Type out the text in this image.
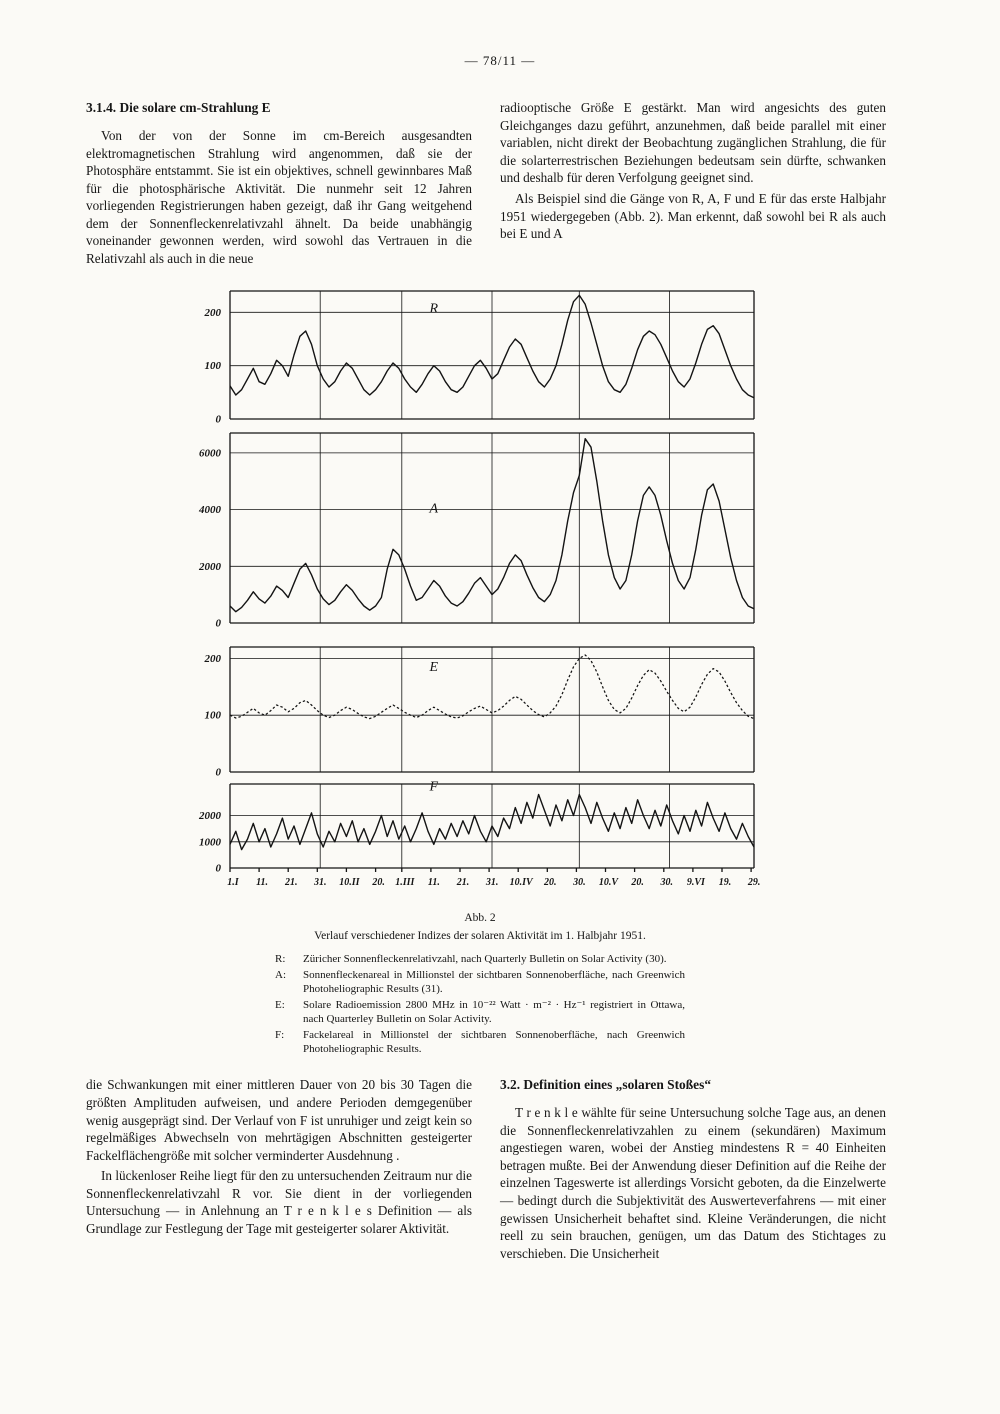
— 78/11 —
3.1.4. Die solare cm-Strahlung E

Von der von der Sonne im cm-Bereich ausgesandten elektromagnetischen Strahlung wird angenommen, daß sie der Photosphäre entstammt. Sie ist ein objektives, schnell gewinnbares Maß für die photosphärische Aktivität. Die nunmehr seit 12 Jahren vorliegenden Registrierungen haben gezeigt, daß ihr Gang weitgehend dem der Sonnenfleckenrelativzahl ähnelt. Da beide unabhängig voneinander gewonnen werden, wird sowohl das Vertrauen in die Relativzahl als auch in die neue

radiooptische Größe E gestärkt. Man wird angesichts des guten Gleichganges dazu geführt, anzunehmen, daß beide parallel mit einer variablen, nicht direkt der Beobachtung zugänglichen Strahlung, die für die solarterrestrischen Beziehungen bedeutsam sein dürfte, schwanken und deshalb für deren Verfolgung geeignet sind.

Als Beispiel sind die Gänge von R, A, F und E für das erste Halbjahr 1951 wiedergegeben (Abb. 2). Man erkennt, daß sowohl bei R als auch bei E und A

0
100
200	R
0
2000
4000
6000
A
0
100
200
E
0
1000
2000
F
1.I 11. 21. 31. 10.II 20. 1.III 11. 21. 31. 10.IV 20. 30. 10.V 20. 30. 9.VI 19. 29.
Abb. 2
Verlauf verschiedener Indizes der solaren Aktivität im 1. Halbjahr 1951.
R:	Züricher Sonnenfleckenrelativzahl, nach Quarterly Bulletin on Solar Activity (30).
A:	Sonnenfleckenareal in Millionstel der sichtbaren Sonnenoberfläche, nach Greenwich Photoheliographic Results (31).
E:	Solare Radioemission 2800 MHz in 10⁻²² Watt · m⁻² · Hz⁻¹ registriert in Ottawa, nach Quarterley Bulletin on Solar Activity.
F:	Fackelareal in Millionstel der sichtbaren Sonnenoberfläche, nach Greenwich Photoheliographic Results.

die Schwankungen mit einer mittleren Dauer von 20 bis 30 Tagen die größten Amplituden aufweisen, und andere Perioden demgegenüber wenig ausgeprägt sind. Der Verlauf von F ist unruhiger und zeigt kein so regelmäßiges Abwechseln von mehrtägigen Abschnitten gesteigerter Fackelflächengröße mit solcher verminderter Ausdehnung .

In lückenloser Reihe liegt für den zu untersuchenden Zeitraum nur die Sonnenfleckenrelativzahl R vor. Sie dient in der vorliegenden Untersuchung — in Anlehnung an T r e n k l e s Definition — als Grundlage zur Festlegung der Tage mit gesteigerter solarer Aktivität.

3.2. Definition eines „solaren Stoßes“

T r e n k l e wählte für seine Untersuchung solche Tage aus, an denen die Sonnenfleckenrelativzahlen zu einem (sekundären) Maximum angestiegen waren, wobei der Anstieg mindestens R = 40 Einheiten betragen mußte. Bei der Anwendung dieser Definition auf die Reihe der einzelnen Tageswerte ist allerdings Vorsicht geboten, da die Einzelwerte — bedingt durch die Subjektivität des Auswerteverfahrens — mit einer gewissen Unsicherheit behaftet sind. Kleine Veränderungen, die nicht reell zu sein brauchen, genügen, um das Datum des Stichtages zu verschieben. Die Unsicherheit
